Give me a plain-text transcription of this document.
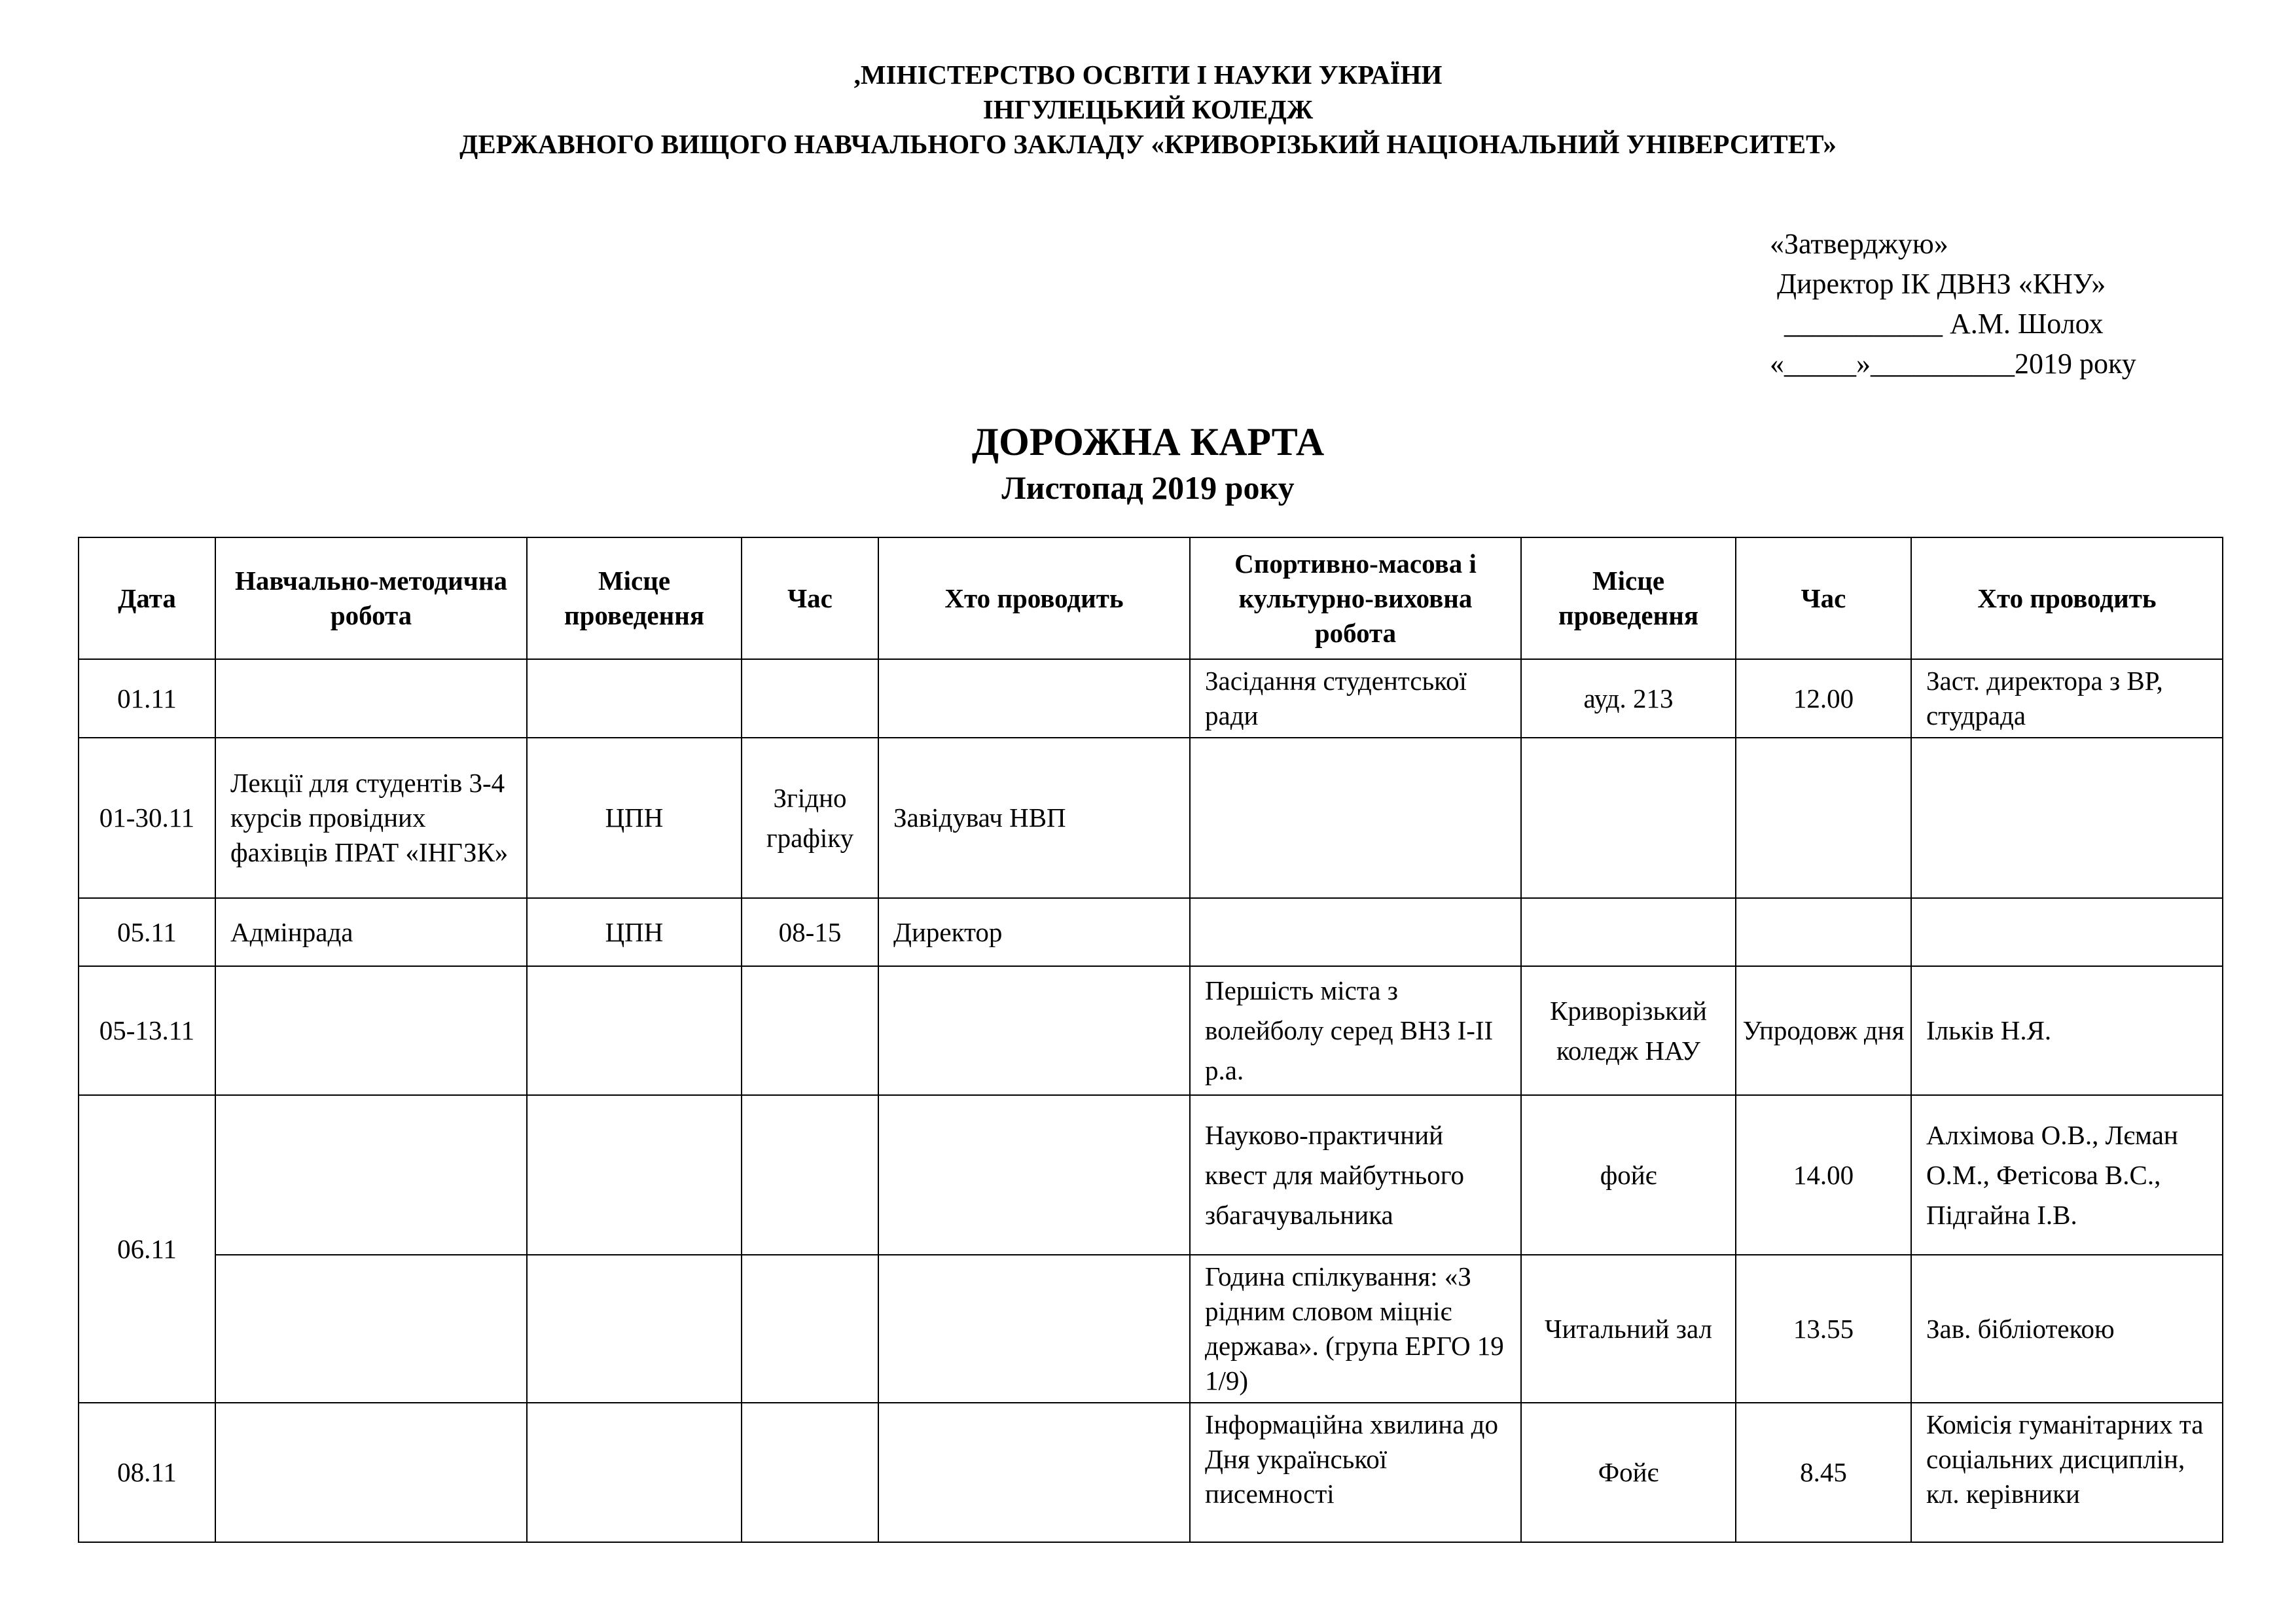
,МІНІСТЕРСТВО ОСВІТИ І НАУКИ УКРАЇНИ
ІНГУЛЕЦЬКИЙ КОЛЕДЖ
ДЕРЖАВНОГО ВИЩОГО НАВЧАЛЬНОГО ЗАКЛАДУ «КРИВОРІЗЬКИЙ НАЦІОНАЛЬНИЙ УНІВЕРСИТЕТ»
«Затверджую»
Директор ІК ДВНЗ «КНУ»
___________ А.М. Шолох
«_____»__________2019 року
ДОРОЖНА КАРТА
Листопад 2019 року
Дата	Навчально-методична робота	Місце проведення	Час	Хто проводить	Спортивно-масова і культурно-виховна робота	Місце проведення	Час	Хто проводить
01.11					Засідання студентської ради	ауд. 213	12.00	Заст. директора з ВР, студрада
01-30.11	Лекції для студентів 3-4 курсів провідних фахівців ПРАТ «ІНГЗК»	ЦПН	Згідно графіку	Завідувач НВП				
05.11	Адмінрада	ЦПН	08-15	Директор				
05-13.11					Першість міста з волейболу серед ВНЗ І-ІІ р.а.	Криворізький коледж НАУ	Упродовж дня	Ільків Н.Я.
06.11					Науково-практичний квест для майбутнього збагачувальника	фойє	14.00	Алхімова О.В., Лєман О.М., Фетісова В.С., Підгайна І.В.
					Година спілкування: «З рідним словом міцніє держава». (група ЕРГО 19 1/9)	Читальний зал	13.55	Зав. бібліотекою
08.11					Інформаційна хвилина до Дня української писемності	Фойє	8.45	Комісія гуманітарних та соціальних дисциплін, кл. керівники
